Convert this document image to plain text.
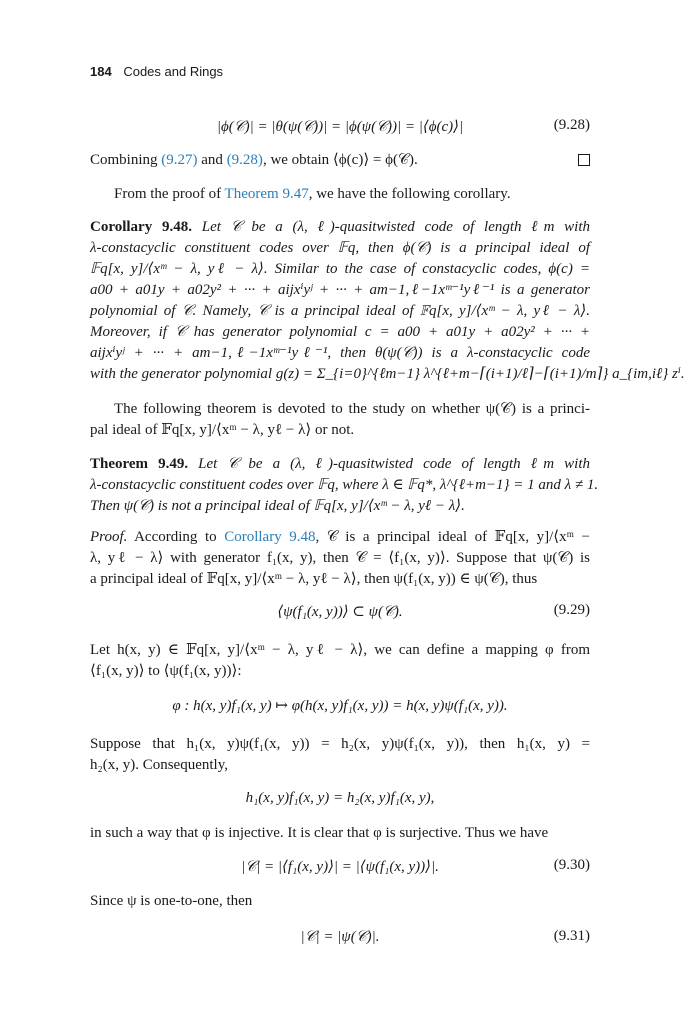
184 Codes and Rings
|ϕ(𝒞)| = |θ(ψ(𝒞))| = |ϕ(ψ(𝒞))| = |⟨ϕ(c)⟩|	(9.28)
Combining (9.27) and (9.28), we obtain ⟨ϕ(c)⟩ = ϕ(𝒞).
From the proof of Theorem 9.47, we have the following corollary.
Corollary 9.48. Let 𝒞 be a (λ, ℓ)-quasitwisted code of length ℓm with
λ-constacyclic constituent codes over 𝔽q, then ϕ(𝒞) is a principal ideal of
𝔽q[x, y]/⟨xᵐ − λ, yℓ − λ⟩. Similar to the case of constacyclic codes, ϕ(c) =
a00 + a01y + a02y² + ··· + aijxⁱyʲ + ··· + am−1,ℓ−1xᵐ⁻¹yℓ⁻¹ is a generator
polynomial of 𝒞. Namely, 𝒞 is a principal ideal of 𝔽q[x, y]/⟨xᵐ − λ, yℓ − λ⟩.
Moreover, if 𝒞 has generator polynomial c = a00 + a01y + a02y² + ··· +
aijxⁱyʲ + ··· + am−1,ℓ−1xᵐ⁻¹yℓ⁻¹, then θ(ψ(𝒞)) is a λ-constacyclic code
with the generator polynomial g(z) = Σ_{i=0}^{ℓm−1} λ^{ℓ+m−⌈(i+1)/ℓ⌉−⌈(i+1)/m⌉} a_{im,iℓ} zⁱ.
The following theorem is devoted to the study on whether ψ(𝒞) is a princi-
pal ideal of 𝔽q[x, y]/⟨xᵐ − λ, yℓ − λ⟩ or not.
Theorem 9.49. Let 𝒞 be a (λ, ℓ)-quasitwisted code of length ℓm with
λ-constacyclic constituent codes over 𝔽q, where λ ∈ 𝔽q*, λ^{ℓ+m−1} = 1 and λ ≠ 1.
Then ψ(𝒞) is not a principal ideal of 𝔽q[x, y]/⟨xᵐ − λ, yℓ − λ⟩.
Proof. According to Corollary 9.48, 𝒞 is a principal ideal of 𝔽q[x, y]/⟨xᵐ −
λ, yℓ − λ⟩ with generator f₁(x, y), then 𝒞 = ⟨f₁(x, y)⟩. Suppose that ψ(𝒞) is
a principal ideal of 𝔽q[x, y]/⟨xᵐ − λ, yℓ − λ⟩, then ψ(f₁(x, y)) ∈ ψ(𝒞), thus
⟨ψ(f₁(x, y))⟩ ⊂ ψ(𝒞).	(9.29)
Let h(x, y) ∈ 𝔽q[x, y]/⟨xᵐ − λ, yℓ − λ⟩, we can define a mapping φ from
⟨f₁(x, y)⟩ to ⟨ψ(f₁(x, y))⟩:
φ : h(x, y)f₁(x, y) ↦ φ(h(x, y)f₁(x, y)) = h(x, y)ψ(f₁(x, y)).
Suppose that h₁(x, y)ψ(f₁(x, y)) = h₂(x, y)ψ(f₁(x, y)), then h₁(x, y) =
h₂(x, y). Consequently,
h₁(x, y)f₁(x, y) = h₂(x, y)f₁(x, y),
in such a way that φ is injective. It is clear that φ is surjective. Thus we have
|𝒞| = |⟨f₁(x, y)⟩| = |⟨ψ(f₁(x, y))⟩|.	(9.30)
Since ψ is one-to-one, then
|𝒞| = |ψ(𝒞)|.	(9.31)
